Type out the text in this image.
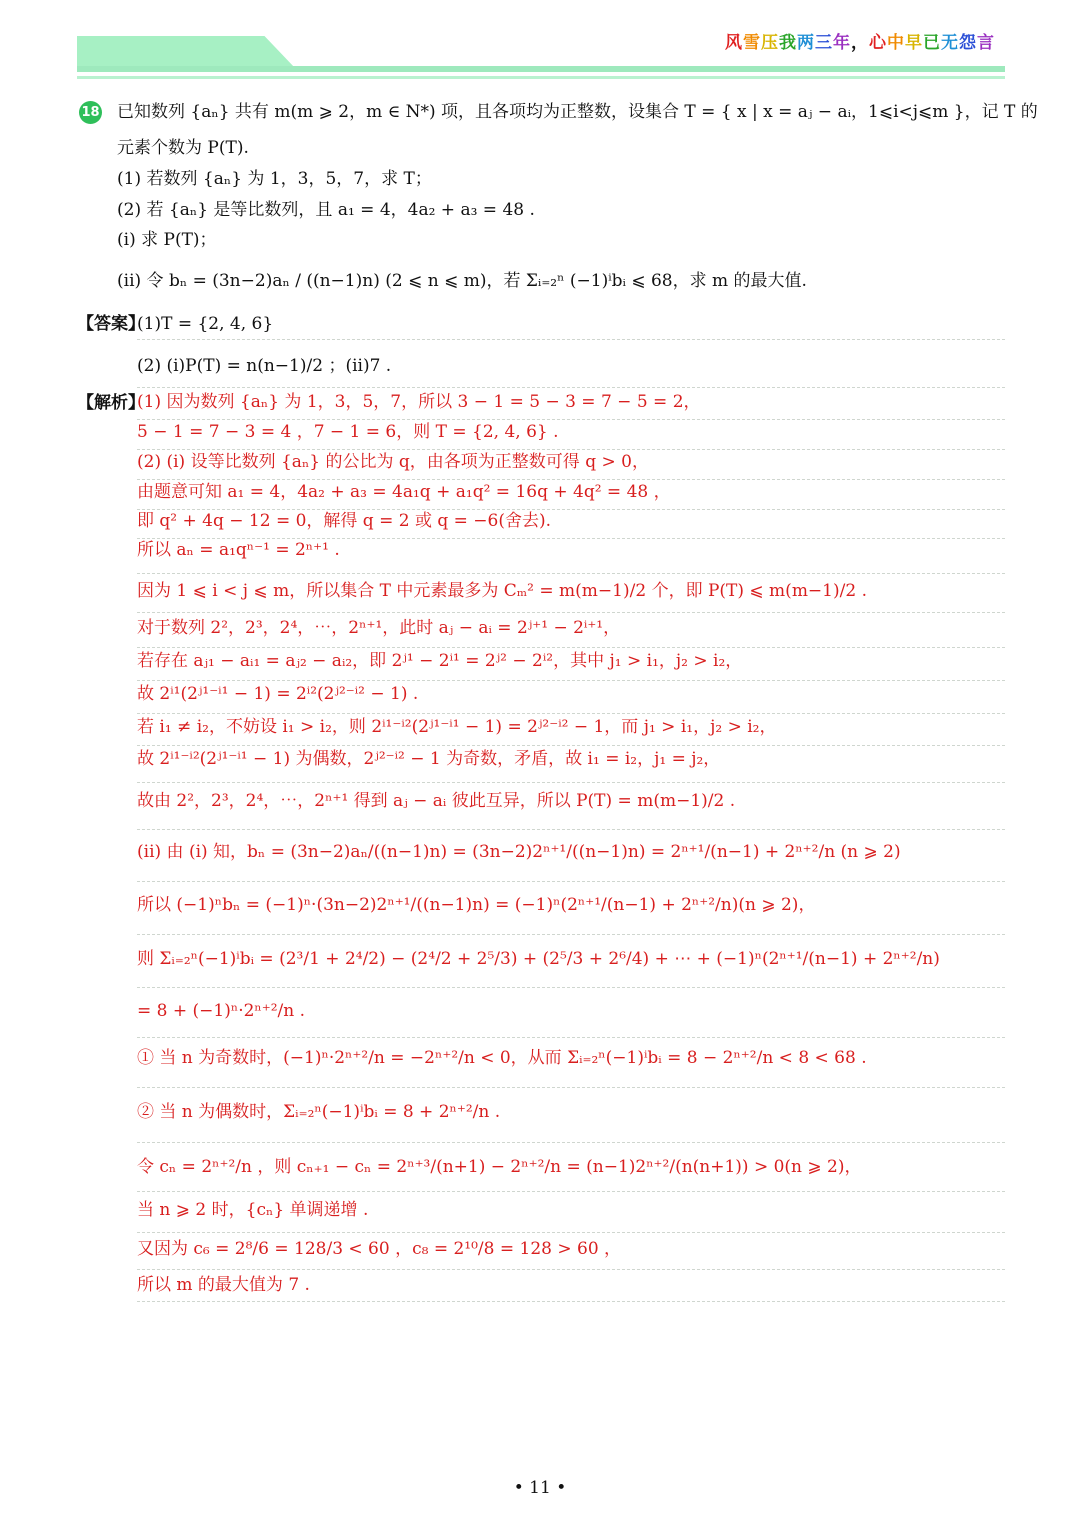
风雪压我两三年，心中早已无怨言
18 已知数列 {aₙ} 共有 m(m ⩾ 2，m ∈ N*) 项，且各项均为正整数，设集合 T = { x | x = aⱼ − aᵢ，1⩽i<j⩽m }，记 T 的
元素个数为 P(T).
(1) 若数列 {aₙ} 为 1，3，5，7，求 T；
(2) 若 {aₙ} 是等比数列，且 a₁ = 4，4a₂ + a₃ = 48 .
(i) 求 P(T)；
(ii) 令 bₙ = (3n−2)aₙ / ((n−1)n) (2 ⩽ n ⩽ m)，若 Σᵢ₌₂ⁿ (−1)ⁱbᵢ ⩽ 68，求 m 的最大值.
【答案】
(1)T = {2, 4, 6}
(2) (i)P(T) = n(n−1)/2 ；(ii)7 .
【解析】
(1) 因为数列 {aₙ} 为 1，3，5，7，所以 3 − 1 = 5 − 3 = 7 − 5 = 2，
5 − 1 = 7 − 3 = 4 ，7 − 1 = 6，则 T = {2, 4, 6} .
(2) (i) 设等比数列 {aₙ} 的公比为 q，由各项为正整数可得 q > 0，
由题意可知 a₁ = 4，4a₂ + a₃ = 4a₁q + a₁q² = 16q + 4q² = 48 ，
即 q² + 4q − 12 = 0，解得 q = 2 或 q = −6(舍去).
所以 aₙ = a₁qⁿ⁻¹ = 2ⁿ⁺¹ .
因为 1 ⩽ i < j ⩽ m，所以集合 T 中元素最多为 Cₘ² = m(m−1)/2 个，即 P(T) ⩽ m(m−1)/2 .
对于数列 2²，2³，2⁴，⋯，2ⁿ⁺¹，此时 aⱼ − aᵢ = 2ʲ⁺¹ − 2ⁱ⁺¹，
若存在 aⱼ₁ − aᵢ₁ = aⱼ₂ − aᵢ₂，即 2ʲ¹ − 2ⁱ¹ = 2ʲ² − 2ⁱ²，其中 j₁ > i₁，j₂ > i₂，
故 2ⁱ¹(2ʲ¹⁻ⁱ¹ − 1) = 2ⁱ²(2ʲ²⁻ⁱ² − 1) .
若 i₁ ≠ i₂，不妨设 i₁ > i₂，则 2ⁱ¹⁻ⁱ²(2ʲ¹⁻ⁱ¹ − 1) = 2ʲ²⁻ⁱ² − 1，而 j₁ > i₁，j₂ > i₂，
故 2ⁱ¹⁻ⁱ²(2ʲ¹⁻ⁱ¹ − 1) 为偶数，2ʲ²⁻ⁱ² − 1 为奇数，矛盾，故 i₁ = i₂，j₁ = j₂，
故由 2²，2³，2⁴，⋯，2ⁿ⁺¹ 得到 aⱼ − aᵢ 彼此互异，所以 P(T) = m(m−1)/2 .
(ii) 由 (i) 知，bₙ = (3n−2)aₙ/((n−1)n) = (3n−2)2ⁿ⁺¹/((n−1)n) = 2ⁿ⁺¹/(n−1) + 2ⁿ⁺²/n (n ⩾ 2)
所以 (−1)ⁿbₙ = (−1)ⁿ·(3n−2)2ⁿ⁺¹/((n−1)n) = (−1)ⁿ(2ⁿ⁺¹/(n−1) + 2ⁿ⁺²/n)(n ⩾ 2)，
则 Σᵢ₌₂ⁿ(−1)ⁱbᵢ = (2³/1 + 2⁴/2) − (2⁴/2 + 2⁵/3) + (2⁵/3 + 2⁶/4) + ⋯ + (−1)ⁿ(2ⁿ⁺¹/(n−1) + 2ⁿ⁺²/n)
= 8 + (−1)ⁿ·2ⁿ⁺²/n .
① 当 n 为奇数时，(−1)ⁿ·2ⁿ⁺²/n = −2ⁿ⁺²/n < 0，从而 Σᵢ₌₂ⁿ(−1)ⁱbᵢ = 8 − 2ⁿ⁺²/n < 8 < 68 .
② 当 n 为偶数时，Σᵢ₌₂ⁿ(−1)ⁱbᵢ = 8 + 2ⁿ⁺²/n .
令 cₙ = 2ⁿ⁺²/n ，则 cₙ₊₁ − cₙ = 2ⁿ⁺³/(n+1) − 2ⁿ⁺²/n = (n−1)2ⁿ⁺²/(n(n+1)) > 0(n ⩾ 2)，
当 n ⩾ 2 时，{cₙ} 单调递增 .
又因为 c₆ = 2⁸/6 = 128/3 < 60 ，c₈ = 2¹⁰/8 = 128 > 60 ，
所以 m 的最大值为 7 .
• 11 •
